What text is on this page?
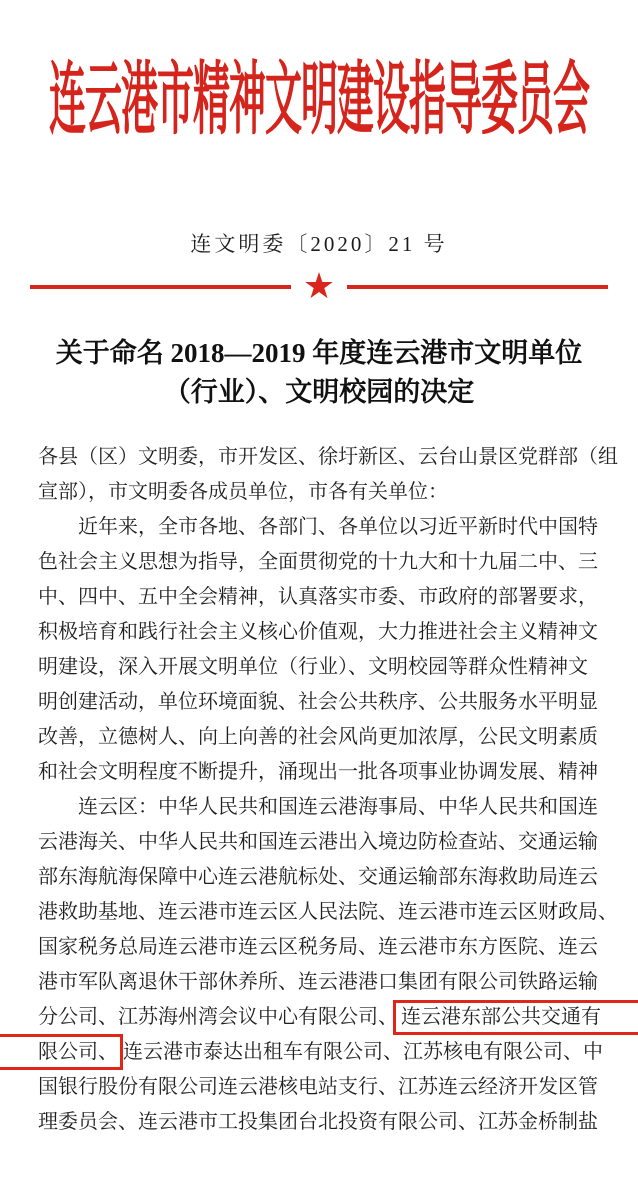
连云港市精神文明建设指导委员会
连文明委〔2020〕21 号
★
关于命名 2018—2019 年度连云港市文明单位
（行业）、文明校园的决定
各县（区）文明委，市开发区、徐圩新区、云台山景区党群部（组
宣部），市文明委各成员单位，市各有关单位：
近年来，全市各地、各部门、各单位以习近平新时代中国特
色社会主义思想为指导，全面贯彻党的十九大和十九届二中、三
中、四中、五中全会精神，认真落实市委、市政府的部署要求，
积极培育和践行社会主义核心价值观，大力推进社会主义精神文
明建设，深入开展文明单位（行业）、文明校园等群众性精神文
明创建活动，单位环境面貌、社会公共秩序、公共服务水平明显
改善，立德树人、向上向善的社会风尚更加浓厚，公民文明素质
和社会文明程度不断提升，涌现出一批各项事业协调发展、精神
连云区：中华人民共和国连云港海事局、中华人民共和国连
云港海关、中华人民共和国连云港出入境边防检查站、交通运输
部东海航海保障中心连云港航标处、交通运输部东海救助局连云
港救助基地、连云港市连云区人民法院、连云港市连云区财政局、
国家税务总局连云港市连云区税务局、连云港市东方医院、连云
港市军队离退休干部休养所、连云港港口集团有限公司铁路运输
分公司、江苏海州湾会议中心有限公司、 连云港东部公共交通有
限公司、 连云港市泰达出租车有限公司、江苏核电有限公司、中
国银行股份有限公司连云港核电站支行、江苏连云经济开发区管
理委员会、连云港市工投集团台北投资有限公司、江苏金桥制盐
